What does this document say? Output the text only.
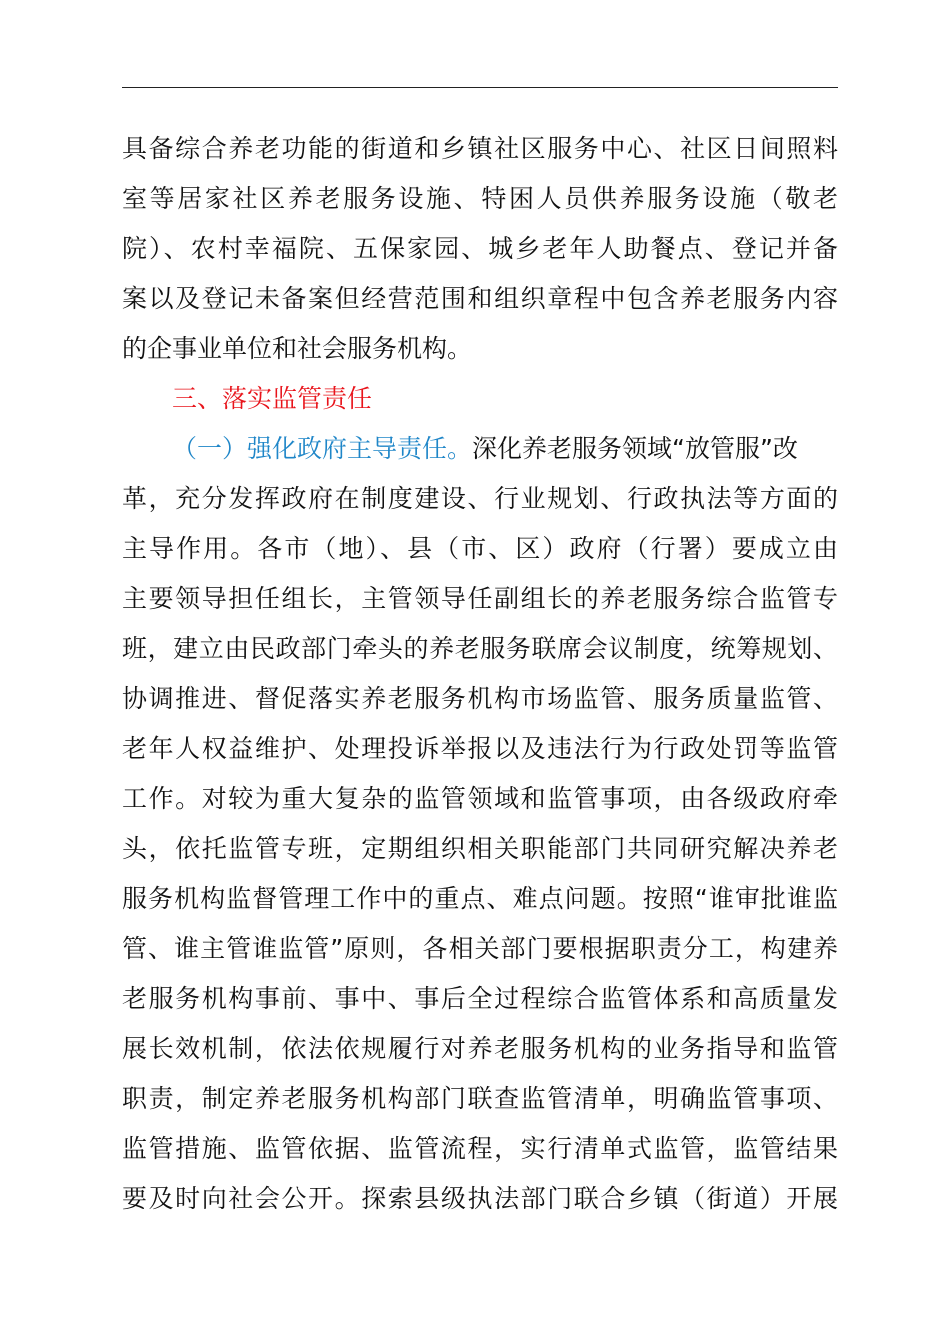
具备综合养老功能的街道和乡镇社区服务中心、社区日间照料
室等居家社区养老服务设施、特困人员供养服务设施（敬老
院）、农村幸福院、五保家园、城乡老年人助餐点、登记并备
案以及登记未备案但经营范围和组织章程中包含养老服务内容
的企事业单位和社会服务机构。
三、落实监管责任
（一）强化政府主导责任。深化养老服务领域“放管服”改
革，充分发挥政府在制度建设、行业规划、行政执法等方面的
主导作用。各市（地）、县（市、区）政府（行署）要成立由
主要领导担任组长，主管领导任副组长的养老服务综合监管专
班，建立由民政部门牵头的养老服务联席会议制度，统筹规划、
协调推进、督促落实养老服务机构市场监管、服务质量监管、
老年人权益维护、处理投诉举报以及违法行为行政处罚等监管
工作。对较为重大复杂的监管领域和监管事项，由各级政府牵
头，依托监管专班，定期组织相关职能部门共同研究解决养老
服务机构监督管理工作中的重点、难点问题。按照“谁审批谁监
管、谁主管谁监管”原则，各相关部门要根据职责分工，构建养
老服务机构事前、事中、事后全过程综合监管体系和高质量发
展长效机制，依法依规履行对养老服务机构的业务指导和监管
职责，制定养老服务机构部门联查监管清单，明确监管事项、
监管措施、监管依据、监管流程，实行清单式监管，监管结果
要及时向社会公开。探索县级执法部门联合乡镇（街道）开展
